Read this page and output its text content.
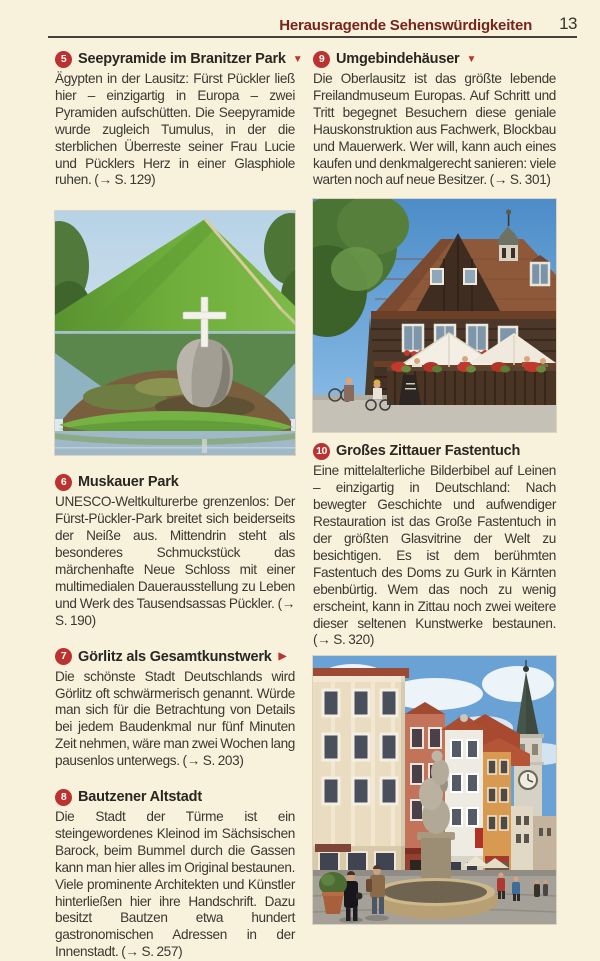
Herausragende Sehenswürdigkeiten 13
5 Seepyramide im Branitzer Park ▼

Ägypten in der Lausitz: Fürst Pückler ließ hier – einzigartig in Europa – zwei Pyramiden aufschütten. Die Seepyramide wurde zugleich Tumulus, in der die sterblichen Überreste seiner Frau Lucie und Pücklers Herz in einer Glasphiole ruhen. (→ S. 129)

6 Muskauer Park

UNESCO-Weltkulturerbe grenzenlos: Der Fürst-Pückler-Park breitet sich beiderseits der Neiße aus. Mittendrin steht als besonderes Schmuckstück das märchenhafte Neue Schloss mit einer multimedialen Dauerausstellung zu Leben und Werk des Tausendsassas Pückler. (→ S. 190)

7 Görlitz als Gesamtkunstwerk ▶

Die schönste Stadt Deutschlands wird Görlitz oft schwärmerisch genannt. Würde man sich für die Betrachtung von Details bei jedem Baudenkmal nur fünf Minuten Zeit nehmen, wäre man zwei Wochen lang pausenlos unterwegs. (→ S. 203)

8 Bautzener Altstadt

Die Stadt der Türme ist ein steingewordenes Kleinod im Sächsischen Barock, beim Bummel durch die Gassen kann man hier alles im Original bestaunen. Viele prominente Architekten und Künstler hinterließen hier ihre Handschrift. Dazu besitzt Bautzen etwa hundert gastronomischen Adressen in der Innenstadt. (→ S. 257)

9 Umgebindehäuser ▼

Die Oberlausitz ist das größte lebende Freilandmuseum Europas. Auf Schritt und Tritt begegnet Besuchern diese geniale Hauskonstruktion aus Fachwerk, Blockbau und Mauerwerk. Wer will, kann auch eines kaufen und denkmalgerecht sanieren: viele warten noch auf neue Besitzer. (→ S. 301)

10 Großes Zittauer Fastentuch

Eine mittelalterliche Bilderbibel auf Leinen – einzigartig in Deutschland: Nach bewegter Geschichte und aufwendiger Restauration ist das Große Fastentuch in der größten Glasvitrine der Welt zu besichtigen. Es ist dem berühmten Fastentuch des Doms zu Gurk in Kärnten ebenbürtig. Wem das noch zu wenig erscheint, kann in Zittau noch zwei weitere dieser seltenen Kunstwerke bestaunen. (→ S. 320)
